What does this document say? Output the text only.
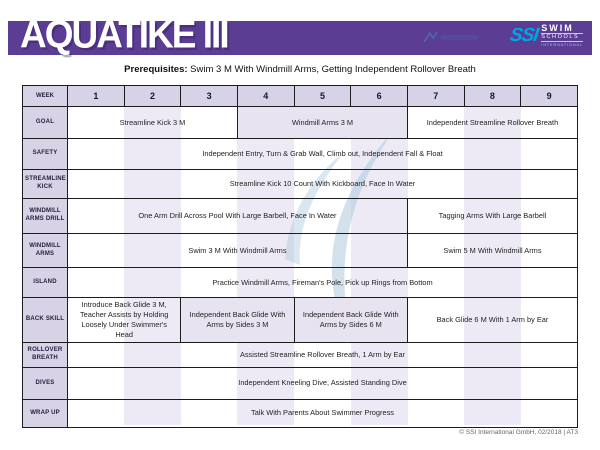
AQUATIKE III	SSI SWIM
SCHOOLS
INTERNATIONAL
Prerequisites: Swim 3 M With Windmill Arms, Getting Independent Rollover Breath
WEEK	1	2	3	4	5	6	7	8	9
GOAL	Streamline Kick 3 M			Windmill Arms 3 M			Independent Streamline Rollover Breath		
SAFETY	Independent Entry, Turn & Grab Wall, Climb out, Independent Fall & Float								
STREAMLINE KICK	Streamline Kick 10 Count With Kickboard, Face In Water								
WINDMILL ARMS DRILL	One Arm Drill Across Pool With Large Barbell, Face In Water						Tagging Arms With Large Barbell		
WINDMILL ARMS	Swim 3 M With Windmill Arms						Swim 5 M With Windmill Arms		
ISLAND	Practice Windmill Arms, Fireman's Pole, Pick up Rings from Bottom								
BACK SKILL	Introduce Back Glide 3 M, Teacher Assists by Holding Loosely Under Swimmer's Head		Independent Back Glide With Arms by Sides 3 M		Independent Back Glide With Arms by Sides 6 M		Back Glide 6 M With 1 Arm by Ear		
ROLLOVER BREATH	Assisted Streamline Rollover Breath, 1 Arm by Ear								
DIVES	Independent Kneeling Dive, Assisted Standing Dive								
WRAP UP	Talk With Parents About Swimmer Progress								
© SSI International GmbH, 02/2018 | AT3
